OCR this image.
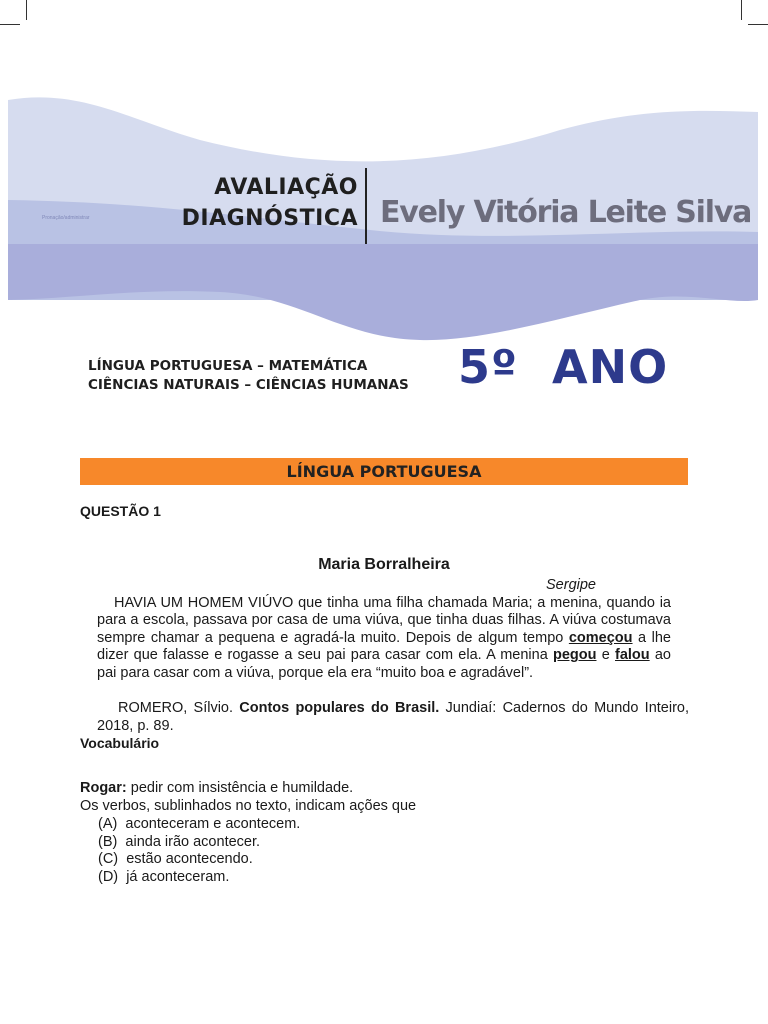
Pronação/administrar
AVALIAÇÃO
DIAGNÓSTICA Evely Vitória Leite Silva
LÍNGUA PORTUGUESA – MATEMÁTICA
CIÊNCIAS NATURAIS – CIÊNCIAS HUMANAS 5º  ANO
LÍNGUA PORTUGUESA
QUESTÃO 1
Maria Borralheira
Sergipe

HAVIA UM HOMEM VIÚVO que tinha uma filha chamada Maria; a menina, quando ia para a escola, passava por casa de uma viúva, que tinha duas filhas. A viúva costumava sempre chamar a pequena e agradá-la muito. Depois de algum tempo começou a lhe dizer que falasse e rogasse a seu pai para casar com ela. A menina pegou e falou ao pai para casar com a viúva, porque ela era “muito boa e agradável”.

ROMERO, Sílvio. Contos populares do Brasil. Jundiaí: Cadernos do Mundo Inteiro, 2018, p. 89.
Vocabulário
Rogar: pedir com insistência e humildade.
Os verbos, sublinhados no texto, indicam ações que
(A) aconteceram e acontecem.
(B) ainda irão acontecer.
(C) estão acontecendo.
(D) já aconteceram.
